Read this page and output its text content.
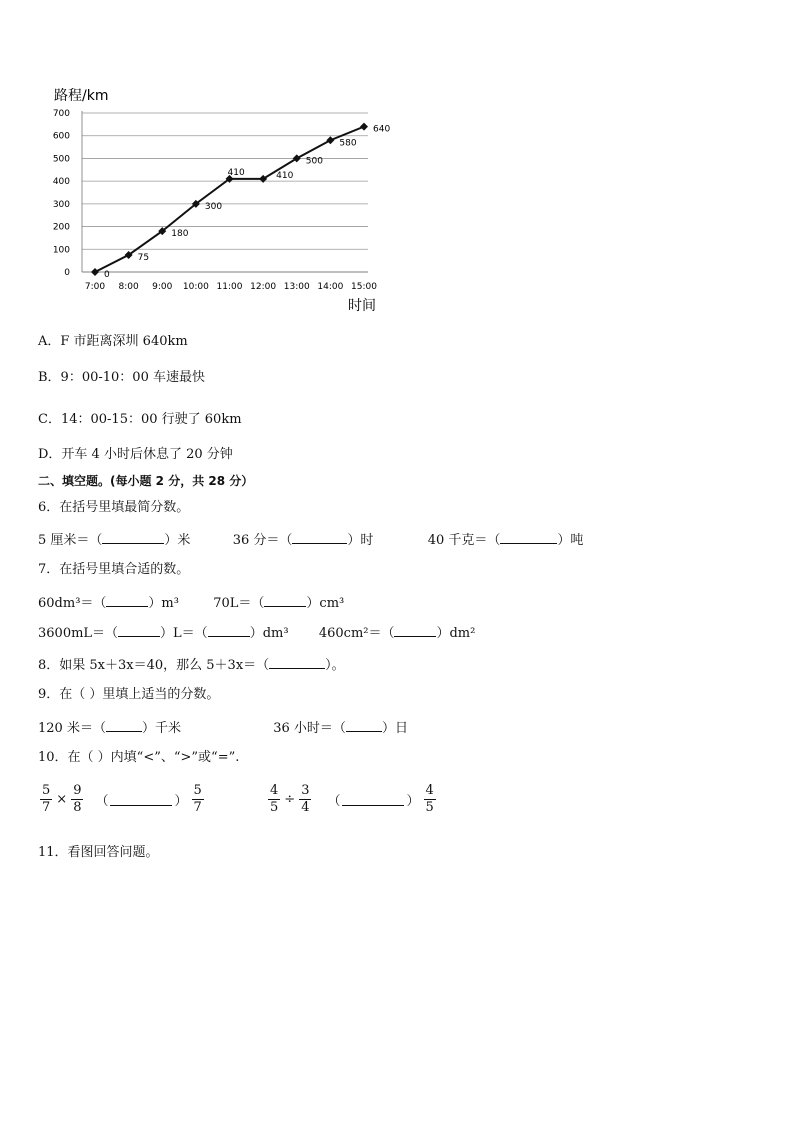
路程/km
时间
0
100
200
300
400
500
600
700
7:00 8:00 9:00 10:00 11:00 12:00 13:00 14:00 15:00
0
75
180
300
410	410
500
580
640
A．F 市距离深圳 640km
B．9：00-10：00 车速最快
C．14：00-15：00 行驶了 60km
D．开车 4 小时后休息了 20 分钟
二、填空题。(每小题 2 分，共 28 分）
6．在括号里填最简分数。
5 厘米＝（	）米	36 分＝（	）时	40 千克＝（	）吨
7．在括号里填合适的数。
60dm³＝（	）m³	70L＝（	）cm³
3600mL＝（	）L＝（	）dm³ 460cm²＝（	）dm²
8．如果 5x＋3x＝40，那么 5＋3x＝（	）。
9．在（ ）里填上适当的分数。
120 米＝（	）千米	36 小时＝（	）日
10．在（ ）内填“<”、“>”或“=”.
$\frac{5}{7} \times \frac{9}{8}$ （	） $\frac{5}{7}$	$\frac{4}{5} \div \frac{3}{4}$ （	） $\frac{4}{5}$
11．看图回答问题。
